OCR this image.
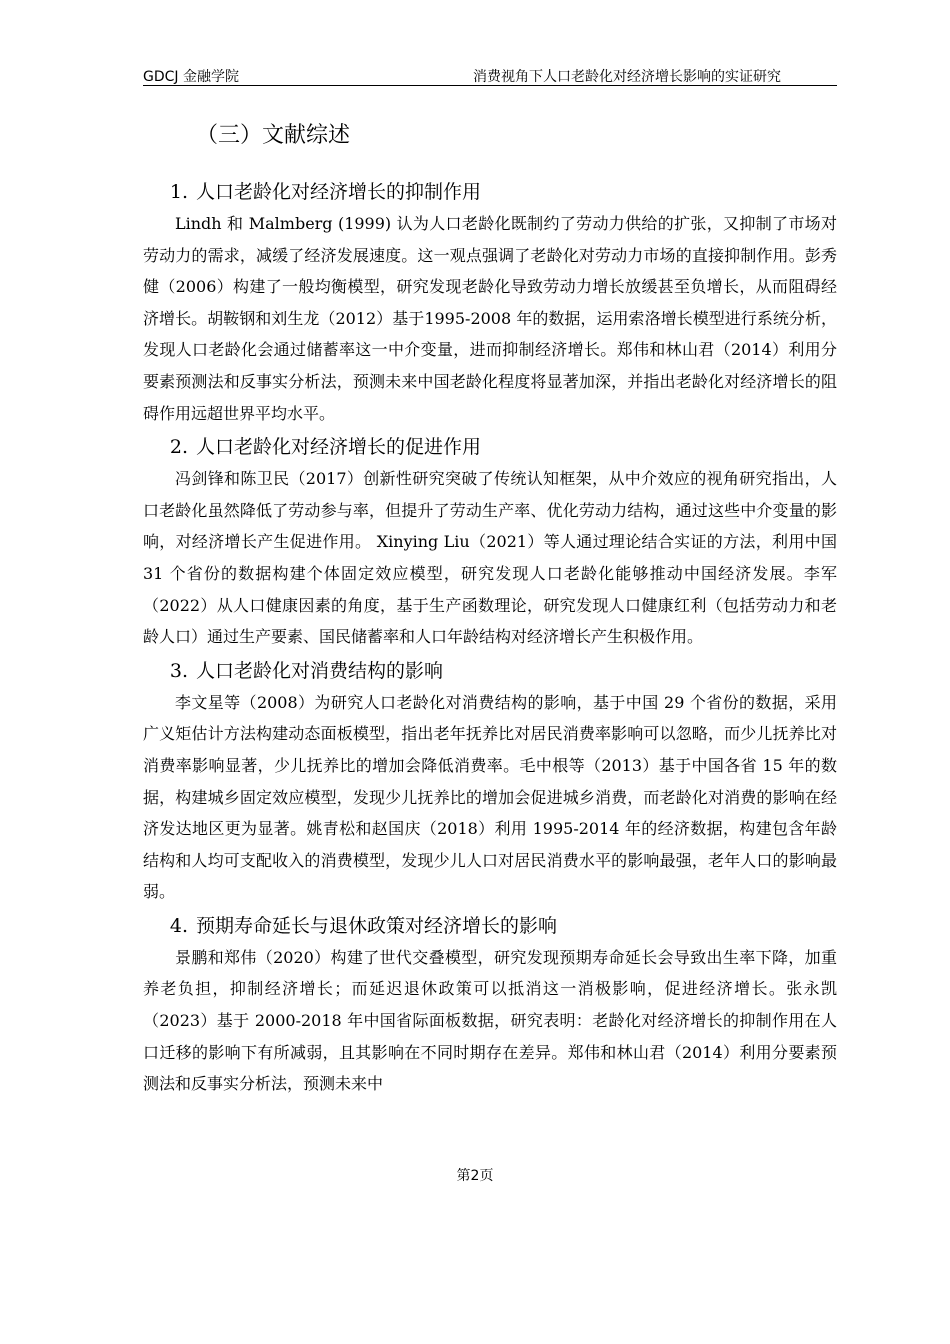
GDCJ 金融学院	消费视角下人口老龄化对经济增长影响的实证研究
（三）文献综述
1. 人口老龄化对经济增长的抑制作用

Lindh 和 Malmberg (1999) 认为人口老龄化既制约了劳动力供给的扩张，又抑制了市场对劳动力的需求，减缓了经济发展速度。这一观点强调了老龄化对劳动力市场的直接抑制作用。彭秀健（2006）构建了一般均衡模型，研究发现老龄化导致劳动力增长放缓甚至负增长，从而阻碍经济增长。胡鞍钢和刘生龙（2012）基于1995-2008 年的数据，运用索洛增长模型进行系统分析，发现人口老龄化会通过储蓄率这一中介变量，进而抑制经济增长。郑伟和林山君（2014）利用分要素预测法和反事实分析法，预测未来中国老龄化程度将显著加深，并指出老龄化对经济增长的阻碍作用远超世界平均水平。

2. 人口老龄化对经济增长的促进作用

冯剑锋和陈卫民（2017）创新性研究突破了传统认知框架，从中介效应的视角研究指出，人口老龄化虽然降低了劳动参与率，但提升了劳动生产率、优化劳动力结构，通过这些中介变量的影响，对经济增长产生促进作用。 Xinying Liu（2021）等人通过理论结合实证的方法，利用中国 31 个省份的数据构建个体固定效应模型，研究发现人口老龄化能够推动中国经济发展。李军（2022）从人口健康因素的角度，基于生产函数理论，研究发现人口健康红利（包括劳动力和老龄人口）通过生产要素、国民储蓄率和人口年龄结构对经济增长产生积极作用。

3. 人口老龄化对消费结构的影响

李文星等（2008）为研究人口老龄化对消费结构的影响，基于中国 29 个省份的数据，采用广义矩估计方法构建动态面板模型，指出老年抚养比对居民消费率影响可以忽略，而少儿抚养比对消费率影响显著，少儿抚养比的增加会降低消费率。毛中根等（2013）基于中国各省 15 年的数据，构建城乡固定效应模型，发现少儿抚养比的增加会促进城乡消费，而老龄化对消费的影响在经济发达地区更为显著。姚青松和赵国庆（2018）利用 1995-2014 年的经济数据，构建包含年龄结构和人均可支配收入的消费模型，发现少儿人口对居民消费水平的影响最强，老年人口的影响最弱。

4. 预期寿命延长与退休政策对经济增长的影响

景鹏和郑伟（2020）构建了世代交叠模型，研究发现预期寿命延长会导致出生率下降，加重养老负担，抑制经济增长；而延迟退休政策可以抵消这一消极影响，促进经济增长。张永凯（2023）基于 2000-2018 年中国省际面板数据，研究表明：老龄化对经济增长的抑制作用在人口迁移的影响下有所减弱，且其影响在不同时期存在差异。郑伟和林山君（2014）利用分要素预测法和反事实分析法，预测未来中

第2页
